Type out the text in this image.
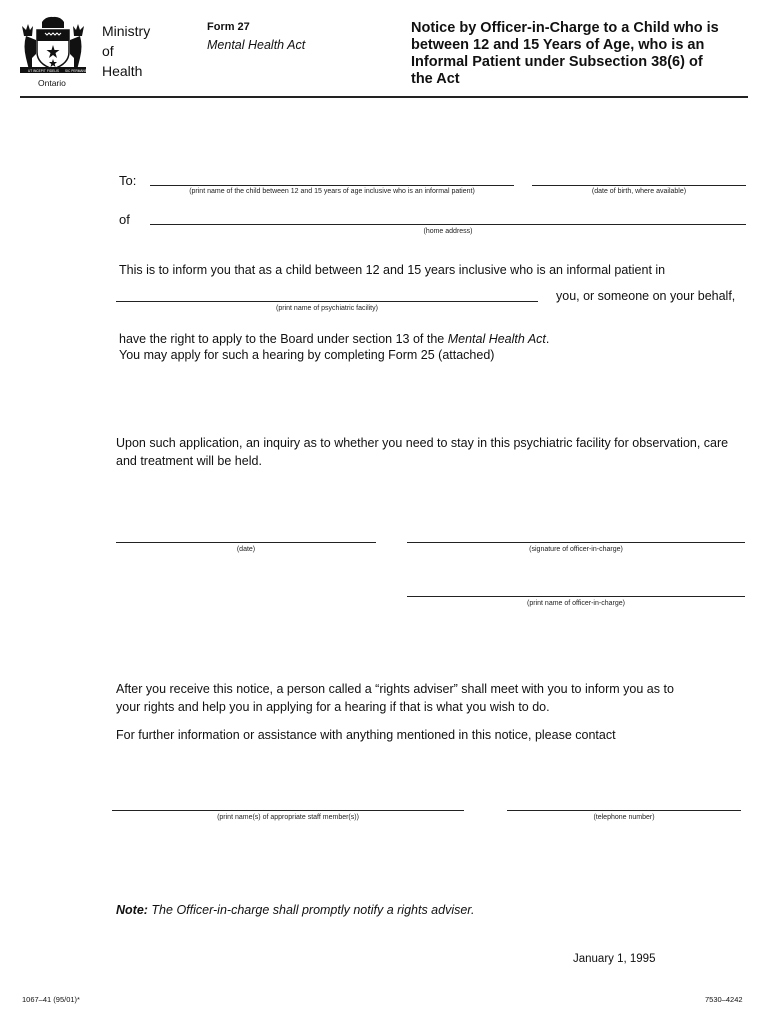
UT INCEPIT FIDELIS SIC PERMANET
Ontario
Ministry
of
Health
Form 27
Mental Health Act
Notice by Officer-in-Charge to a Child who is
between 12 and 15 Years of Age, who is an
Informal Patient under Subsection 38(6) of
the Act
To:
(print name of the child between 12 and 15 years of age inclusive who is an informal patient)	(date of birth, where available)
of
(home address)
This is to inform you that as a child between 12 and 15 years inclusive who is an informal patient in
(print name of psychiatric facility)
you, or someone on your behalf,
have the right to apply to the Board under section 13 of the Mental Health Act.
You may apply for such a hearing by completing Form 25 (attached)
Upon such application, an inquiry as to whether you need to stay in this psychiatric facility for observation, care
and treatment will be held.
(date)	(signature of officer-in-charge)
(print name of officer-in-charge)
After you receive this notice, a person called a “rights adviser” shall meet with you to inform you as to
your rights and help you in applying for a hearing if that is what you wish to do.
For further information or assistance with anything mentioned in this notice, please contact
(print name(s) of appropriate staff member(s))	(telephone number)
Note: The Officer-in-charge shall promptly notify a rights adviser.
January 1, 1995
1067–41 (95/01)*	7530–4242
